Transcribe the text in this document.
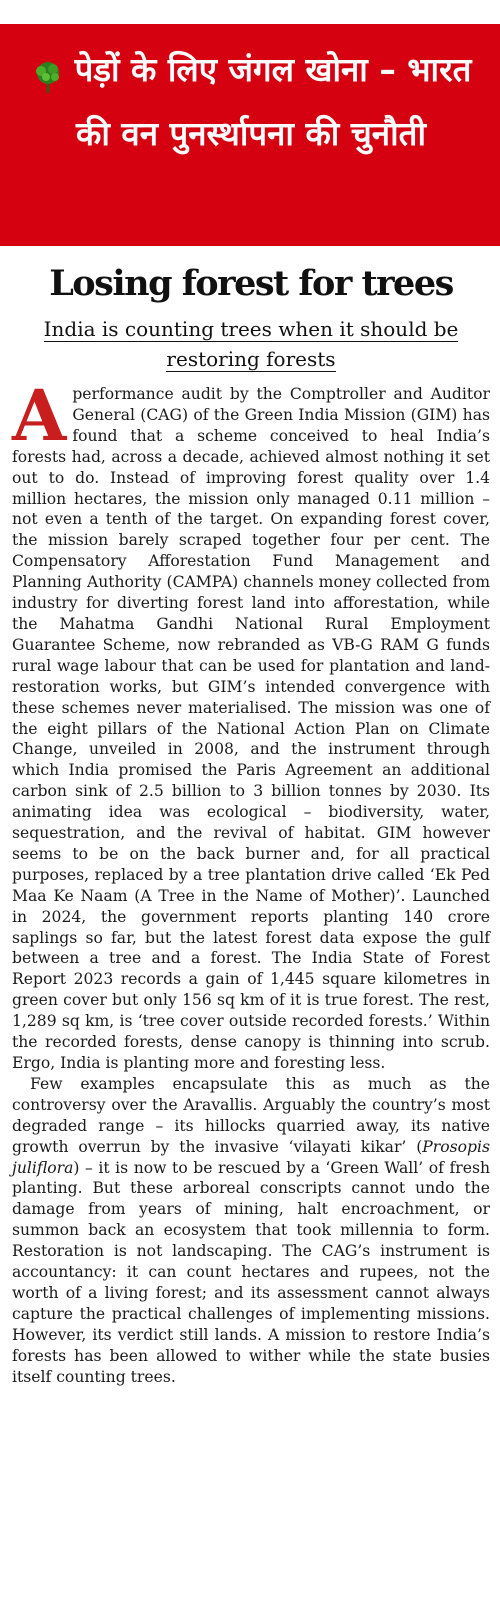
पेड़ों के लिए जंगल खोना – भारत की वन पुनर्स्थापना की चुनौती

Losing forest for trees

India is counting trees when it should be restoring forests

A performance audit by the Comptroller and Auditor General (CAG) of the Green India Mission (GIM) has found that a scheme conceived to heal India’s forests had, across a decade, achieved almost nothing it set out to do. Instead of improving forest quality over 1.4 million hectares, the mission only managed 0.11 million – not even a tenth of the target. On expanding forest cover, the mission barely scraped together four per cent. The Compensatory Afforestation Fund Management and Planning Authority (CAMPA) channels money collected from industry for diverting forest land into afforestation, while the Mahatma Gandhi National Rural Employment Guarantee Scheme, now rebranded as VB-G RAM G funds rural wage labour that can be used for plantation and land-restoration works, but GIM’s intended convergence with these schemes never materialised. The mission was one of the eight pillars of the National Action Plan on Climate Change, unveiled in 2008, and the instrument through which India promised the Paris Agreement an additional carbon sink of 2.5 billion to 3 billion tonnes by 2030. Its animating idea was ecological – biodiversity, water, sequestration, and the revival of habitat. GIM however seems to be on the back burner and, for all practical purposes, replaced by a tree plantation drive called ‘Ek Ped Maa Ke Naam (A Tree in the Name of Mother)’. Launched in 2024, the government reports planting 140 crore saplings so far, but the latest forest data expose the gulf between a tree and a forest. The India State of Forest Report 2023 records a gain of 1,445 square kilometres in green cover but only 156 sq km of it is true forest. The rest, 1,289 sq km, is ‘tree cover outside recorded forests.’ Within the recorded forests, dense canopy is thinning into scrub. Ergo, India is planting more and foresting less.

Few examples encapsulate this as much as the controversy over the Aravallis. Arguably the country’s most degraded range – its hillocks quarried away, its native growth overrun by the invasive ‘vilayati kikar’ (Prosopis juliflora) – it is now to be rescued by a ‘Green Wall’ of fresh planting. But these arboreal conscripts cannot undo the damage from years of mining, halt encroachment, or summon back an ecosystem that took millennia to form. Restoration is not landscaping. The CAG’s instrument is accountancy: it can count hectares and rupees, not the worth of a living forest; and its assessment cannot always capture the practical challenges of implementing missions. However, its verdict still lands. A mission to restore India’s forests has been allowed to wither while the state busies itself counting trees.
